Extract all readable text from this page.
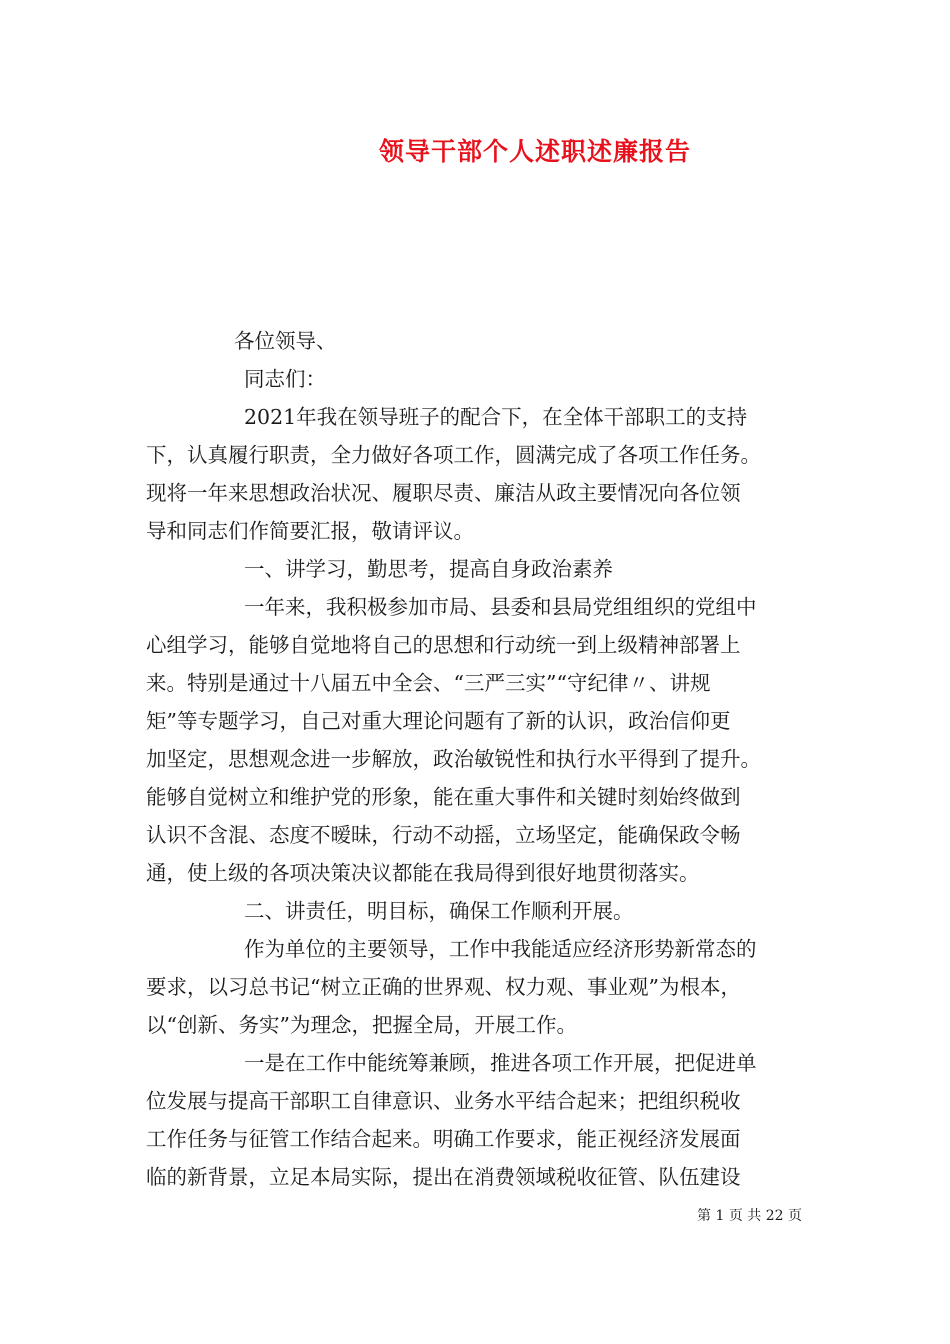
领导干部个人述职述廉报告

各位领导、

同志们：

2021年我在领导班子的配合下，在全体干部职工的支持
下，认真履行职责，全力做好各项工作，圆满完成了各项工作任务。
现将一年来思想政治状况、履职尽责、廉洁从政主要情况向各位领
导和同志们作简要汇报，敬请评议。

一、讲学习，勤思考，提高自身政治素养

一年来，我积极参加市局、县委和县局党组组织的党组中
心组学习，能够自觉地将自己的思想和行动统一到上级精神部署上
来。特别是通过十八届五中全会、“三严三实”“守纪律〃、讲规
矩”等专题学习，自己对重大理论问题有了新的认识，政治信仰更
加坚定，思想观念进一步解放，政治敏锐性和执行水平得到了提升。
能够自觉树立和维护党的形象，能在重大事件和关键时刻始终做到
认识不含混、态度不暧昧，行动不动摇，立场坚定，能确保政令畅
通，使上级的各项决策决议都能在我局得到很好地贯彻落实。

二、讲责任，明目标，确保工作顺利开展。

作为单位的主要领导，工作中我能适应经济形势新常态的
要求，以习总书记“树立正确的世界观、权力观、事业观”为根本，
以“创新、务实”为理念，把握全局，开展工作。

一是在工作中能统筹兼顾，推进各项工作开展，把促进单
位发展与提高干部职工自律意识、业务水平结合起来；把组织税收
工作任务与征管工作结合起来。明确工作要求，能正视经济发展面
临的新背景，立足本局实际，提出在消费领域税收征管、队伍建设

第 1 页 共 22 页
